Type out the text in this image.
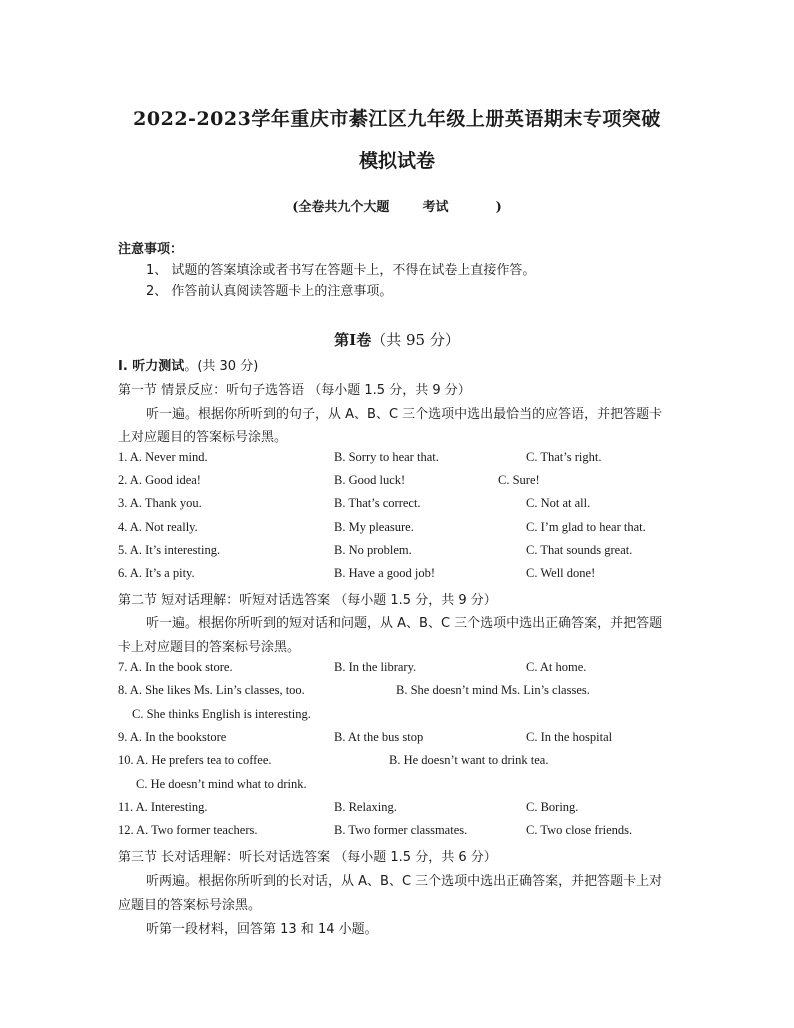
2022-2023学年重庆市綦江区九年级上册英语期末专项突破
模拟试卷
(全卷共九个大题	考试	)
注意事项：
1、 试题的答案填涂或者书写在答题卡上，不得在试卷上直接作答。
2、 作答前认真阅读答题卡上的注意事项。
第Ⅰ卷（共 95 分）
I. 听力测试。(共 30 分)
第一节 情景反应：听句子选答语 （每小题 1.5 分，共 9 分）
听一遍。根据你所听到的句子，从 A、B、C 三个选项中选出最恰当的应答语，并把答题卡
上对应题目的答案标号涂黑。
1. A. Never mind.	B. Sorry to hear that.	C. That’s right.
2. A. Good idea!	B. Good luck!	C. Sure!
3. A. Thank you.	B. That’s correct.	C. Not at all.
4. A. Not really.	B. My pleasure.	C. I’m glad to hear that.
5. A. It’s interesting.	B. No problem.	C. That sounds great.
6. A. It’s a pity.	B. Have a good job!	C. Well done!
第二节 短对话理解：听短对话选答案 （每小题 1.5 分，共 9 分）
听一遍。根据你所听到的短对话和问题，从 A、B、C 三个选项中选出正确答案，并把答题
卡上对应题目的答案标号涂黑。
7. A. In the book store.	B. In the library.	C. At home.
8. A. She likes Ms. Lin’s classes, too.	B. She doesn’t mind Ms. Lin’s classes.
C. She thinks English is interesting.
9. A. In the bookstore	B. At the bus stop	C. In the hospital
10. A. He prefers tea to coffee.	B. He doesn’t want to drink tea.
C. He doesn’t mind what to drink.
11. A. Interesting.	B. Relaxing.	C. Boring.
12. A. Two former teachers.	B. Two former classmates.	C. Two close friends.
第三节 长对话理解：听长对话选答案 （每小题 1.5 分，共 6 分）
听两遍。根据你所听到的长对话，从 A、B、C 三个选项中选出正确答案，并把答题卡上对
应题目的答案标号涂黑。
听第一段材料，回答第 13 和 14 小题。
